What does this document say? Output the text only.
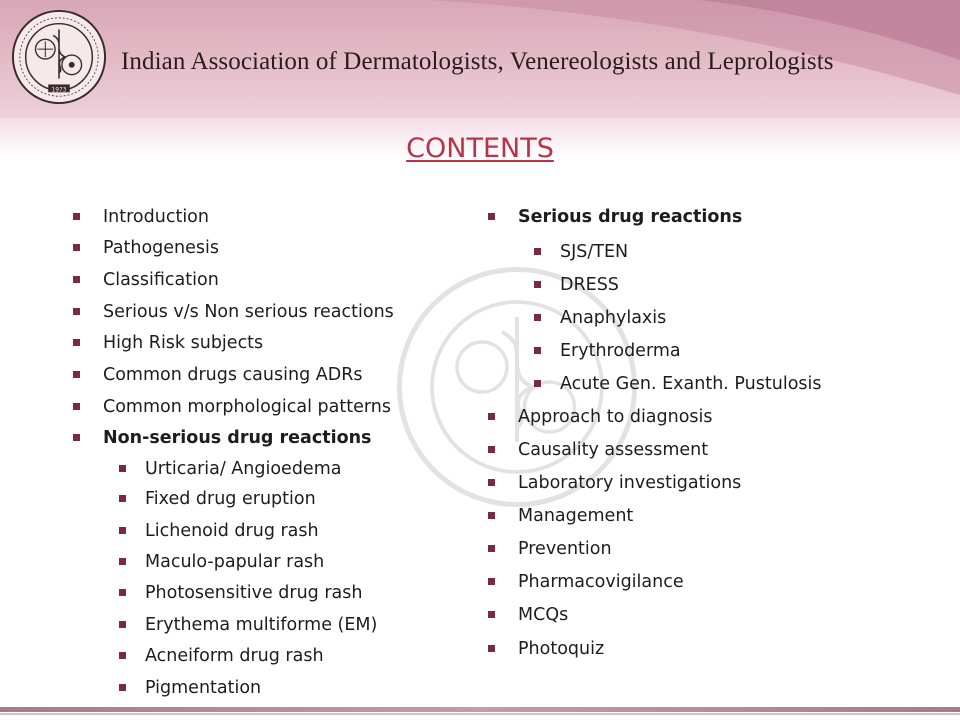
1973
Indian Association of Dermatologists, Venereologists and Leprologists
CONTENTS
Introduction
Pathogenesis
Classification
Serious v/s Non serious reactions
High Risk subjects
Common drugs causing ADRs
Common morphological patterns
Non-serious drug reactions
Urticaria/ Angioedema
Fixed drug eruption
Lichenoid drug rash
Maculo-papular rash
Photosensitive drug rash
Erythema multiforme (EM)
Acneiform drug rash
Pigmentation
Serious drug reactions
SJS/TEN
DRESS
Anaphylaxis
Erythroderma
Acute Gen. Exanth. Pustulosis
Approach to diagnosis
Causality assessment
Laboratory investigations
Management
Prevention
Pharmacovigilance
MCQs
Photoquiz
